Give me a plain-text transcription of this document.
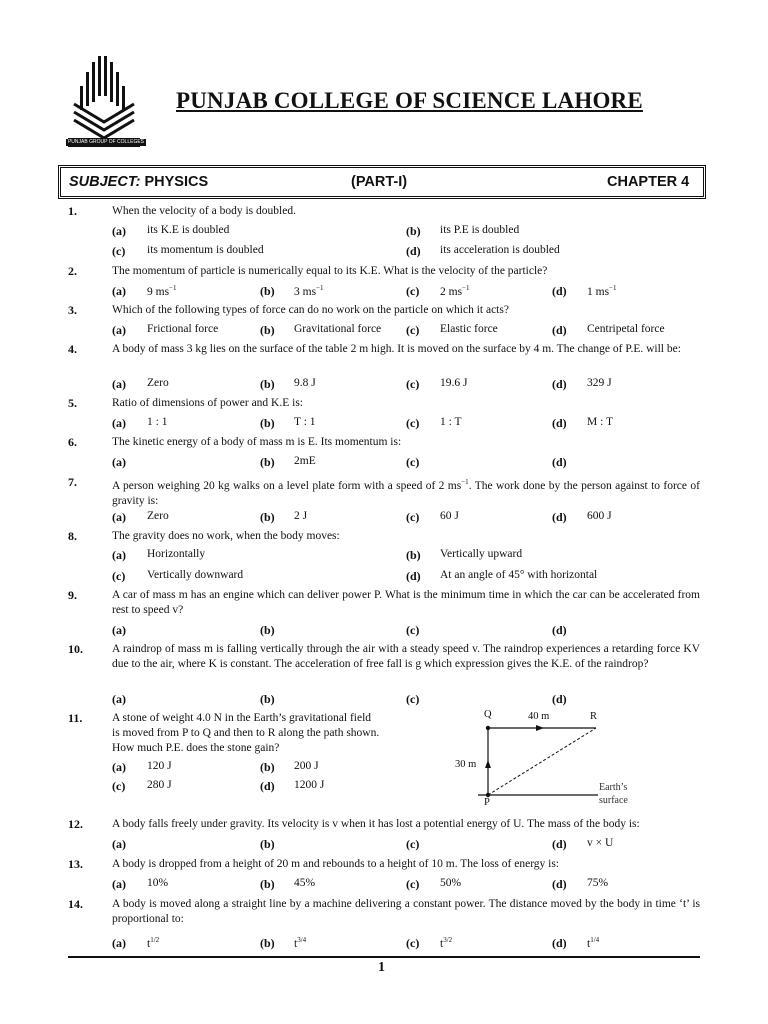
PUNJAB GROUP OF COLLEGES
PUNJAB COLLEGE OF SCIENCE LAHORE
SUBJECT: PHYSICS	(PART-I)	CHAPTER 4
1.	When the velocity of a body is doubled.
(a) its K.E is doubled	(b) its P.E is doubled
(c) its momentum is doubled	(d) its acceleration is doubled
2.	The momentum of particle is numerically equal to its K.E. What is the velocity of the particle?
(a) 9 $ms^{-1}$	(b) 3 $ms^{-1}$	(c) 2 $ms^{-1}$	(d) 1 $ms^{-1}$
3.	Which of the following types of force can do no work on the particle on which it acts?
(a) Frictional force	(b) Gravitational force (c) Elastic force	(d) Centripetal force
4.	A body of mass 3 kg lies on the surface of the table 2 m high. It is moved on the surface by 4 m. The change of P.E. will be:
(a) Zero	(b) 9.8 J	(c) 19.6 J	(d) 329 J
5.	Ratio of dimensions of power and K.E is:
(a) 1 : 1	(b) T : 1	(c) 1 : T	(d) M : T
6.	The kinetic energy of a body of mass m is E. Its momentum is:
(a)	(b) 2mE	(c)	(d)
7.	A person weighing 20 kg walks on a level plate form with a speed of 2 $ms^{-1}$. The work done by the person against to force of gravity is:
(a) Zero	(b) 2 J	(c) 60 J	(d) 600 J
8.	The gravity does no work, when the body moves:
(a) Horizontally	(b) Vertically upward
(c) Vertically downward	(d) At an angle of 45° with horizontal
9.	A car of mass m has an engine which can deliver power P. What is the minimum time in which the car can be accelerated from rest to speed v?
(a)	(b)	(c)	(d)
10.	A raindrop of mass m is falling vertically through the air with a steady speed v. The raindrop experiences a retarding force KV due to the air, where K is constant. The acceleration of free fall is g which expression gives the K.E. of the raindrop?
(a)	(b)	(c)	(d)
11.	A stone of weight 4.0 N in the Earth’s gravitational field is moved from P to Q and then to R along the path shown. How much P.E. does the stone gain?
(a) 120 J	(b) 200 J
(c) 280 J	(d) 1200 J
Q	R
P
40 m
30 m
Earth’s surface
12.	A body falls freely under gravity. Its velocity is v when it has lost a potential energy of U. The mass of the body is:
(a)	(b)	(c)	(d) v × U
13.	A body is dropped from a height of 20 m and rebounds to a height of 10 m. The loss of energy is:
(a) 10%	(b) 45%	(c) 50%	(d) 75%
14.	A body is moved along a straight line by a machine delivering a constant power. The distance moved by the body in time ‘t’ is proportional to:
(a) $t^{1/2}$	(b) $t^{3/4}$	(c) $t^{3/2}$	(d) $t^{1/4}$
1
